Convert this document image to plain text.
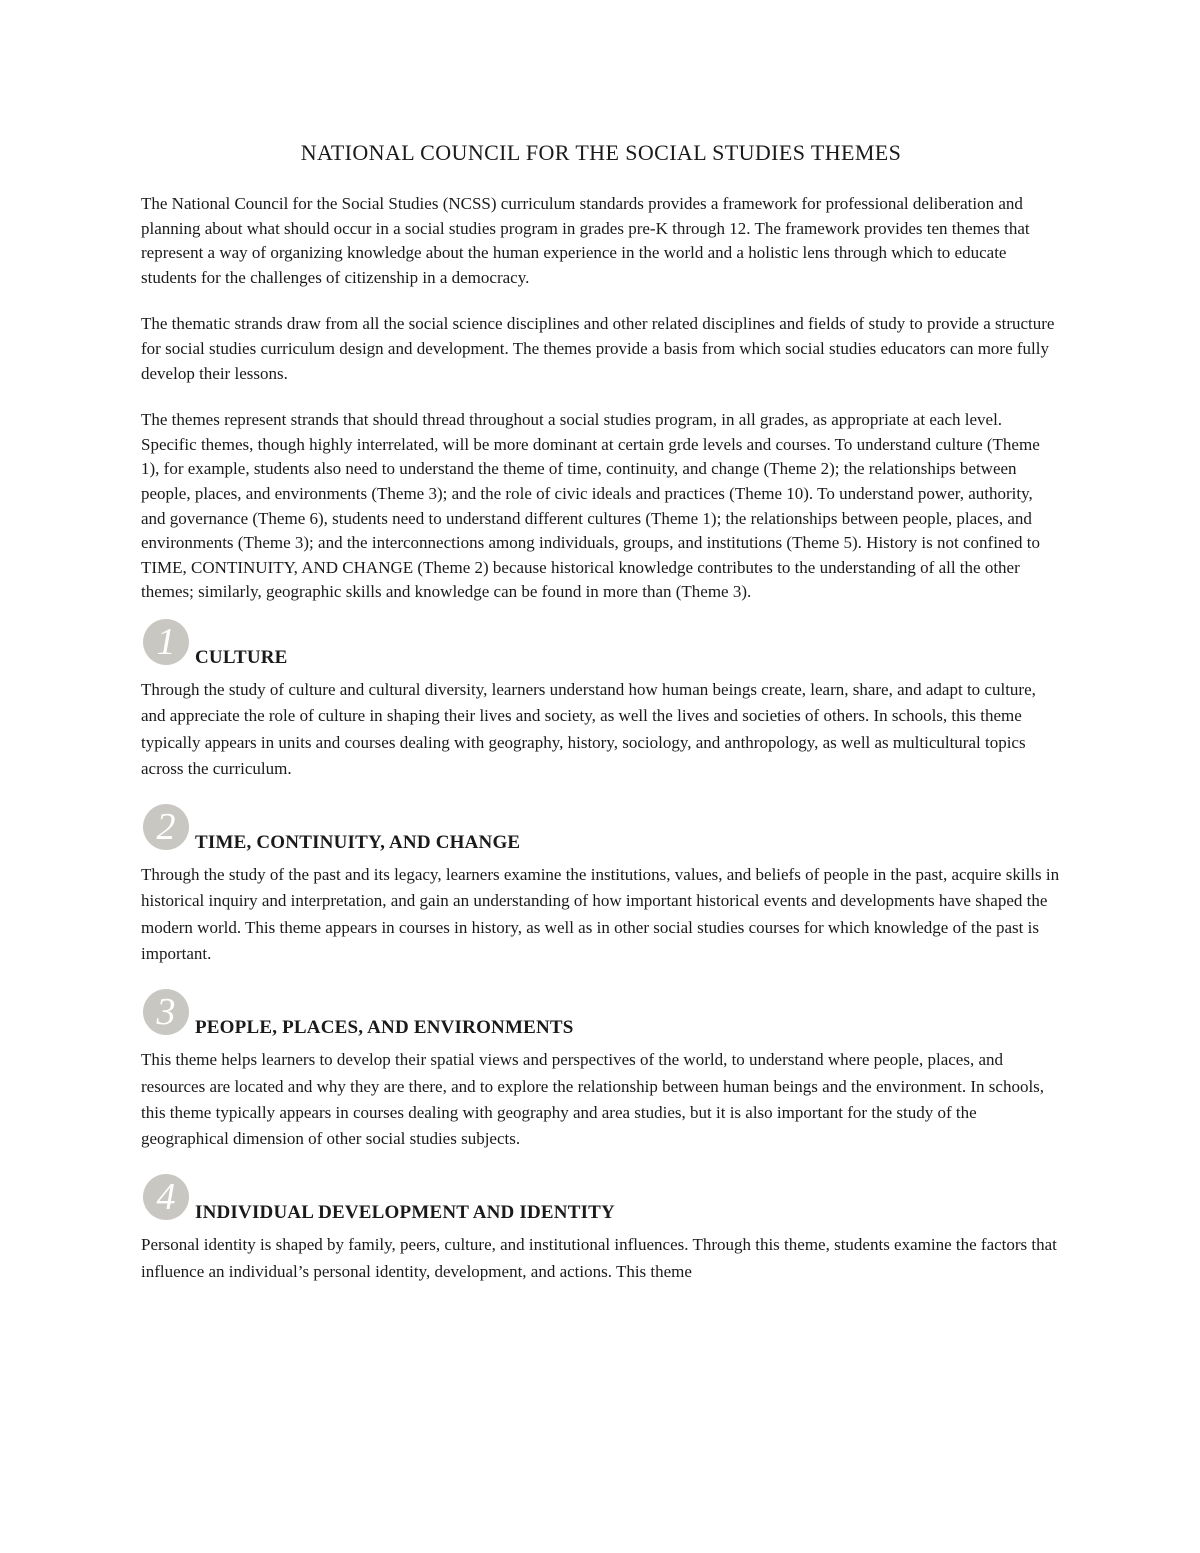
NATIONAL COUNCIL FOR THE SOCIAL STUDIES THEMES

The National Council for the Social Studies (NCSS) curriculum standards provides a framework for professional deliberation and planning about what should occur in a social studies program in grades pre-K through 12. The framework provides ten themes that represent a way of organizing knowledge about the human experience in the world and a holistic lens through which to educate students for the challenges of citizenship in a democracy.

The thematic strands draw from all the social science disciplines and other related disciplines and fields of study to provide a structure for social studies curriculum design and development. The themes provide a basis from which social studies educators can more fully develop their lessons.

The themes represent strands that should thread throughout a social studies program, in all grades, as appropriate at each level. Specific themes, though highly interrelated, will be more dominant at certain grde levels and courses. To understand culture (Theme 1), for example, students also need to understand the theme of time, continuity, and change (Theme 2); the relationships between people, places, and environments (Theme 3); and the role of civic ideals and practices (Theme 10). To understand power, authority, and governance (Theme 6), students need to understand different cultures (Theme 1); the relationships between people, places, and environments (Theme 3); and the interconnections among individuals, groups, and institutions (Theme 5). History is not confined to TIME, CONTINUITY, AND CHANGE (Theme 2) because historical knowledge contributes to the understanding of all the other themes; similarly, geographic skills and knowledge can be found in more than (Theme 3).

1	CULTURE

Through the study of culture and cultural diversity, learners understand how human beings create, learn, share, and adapt to culture, and appreciate the role of culture in shaping their lives and society, as well the lives and societies of others. In schools, this theme typically appears in units and courses dealing with geography, history, sociology, and anthropology, as well as multicultural topics across the curriculum.

2	TIME, CONTINUITY, AND CHANGE

Through the study of the past and its legacy, learners examine the institutions, values, and beliefs of people in the past, acquire skills in historical inquiry and interpretation, and gain an understanding of how important historical events and developments have shaped the modern world. This theme appears in courses in history, as well as in other social studies courses for which knowledge of the past is important.

3	PEOPLE, PLACES, AND ENVIRONMENTS

This theme helps learners to develop their spatial views and perspectives of the world, to understand where people, places, and resources are located and why they are there, and to explore the relationship between human beings and the environment. In schools, this theme typically appears in courses dealing with geography and area studies, but it is also important for the study of the geographical dimension of other social studies subjects.

4	INDIVIDUAL DEVELOPMENT AND IDENTITY

Personal identity is shaped by family, peers, culture, and institutional influences. Through this theme, students examine the factors that influence an individual’s personal identity, development, and actions. This theme
